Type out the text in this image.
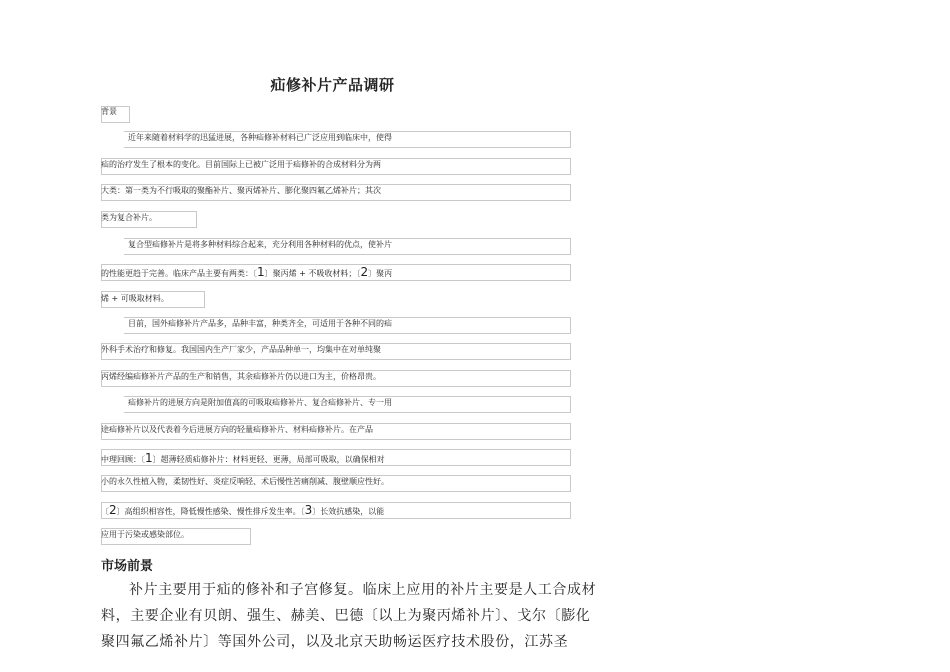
疝修补片产品调研
背景
近年来随着材料学的迅猛进展，各种疝修补材料已广泛应用到临床中，使得
疝的治疗发生了根本的变化。目前国际上已被广泛用于疝修补的合成材料分为两
大类：第一类为不行吸取的聚酯补片、聚丙烯补片、膨化聚四氟乙烯补片；其次
类为复合补片。
复合型疝修补片是将多种材料综合起来，充分利用各种材料的优点，使补片
的性能更趋于完善。临床产品主要有两类：〔1〕聚丙烯 + 不吸收材料；〔2〕聚丙
烯 + 可吸取材料。
目前，国外疝修补片产品多，品种丰富，种类齐全，可适用于各种不同的疝
外科手术治疗和修复。我国国内生产厂家少，产品品种单一，均集中在对单纯聚
丙烯经编疝修补片产品的生产和销售，其余疝修补片仍以进口为主，价格昂贵。
疝修补片的进展方向是附加值高的可吸取疝修补片、复合疝修补片、专一用
途疝修补片以及代表着今后进展方向的轻量疝修补片、材料疝修补片。在产品
中理回顾：〔1〕超薄轻质疝修补片：材料更轻、更薄，局部可吸取，以确保相对
小的永久性植入物，柔韧性好、炎症反响轻、术后慢性苦痛削减、腹壁顺应性好。
〔2〕高组织相容性，降低慢性感染、慢性排斥发生率。〔3〕长效抗感染，以能
应用于污染或感染部位。
市场前景
补片主要用于疝的修补和子宫修复。临床上应用的补片主要是人工合成材
料，主要企业有贝朗、强生、赫美、巴德〔以上为聚丙烯补片〕、戈尔〔膨化
聚四氟乙烯补片〕等国外公司，以及北京天助畅运医疗技术股份，江苏圣
